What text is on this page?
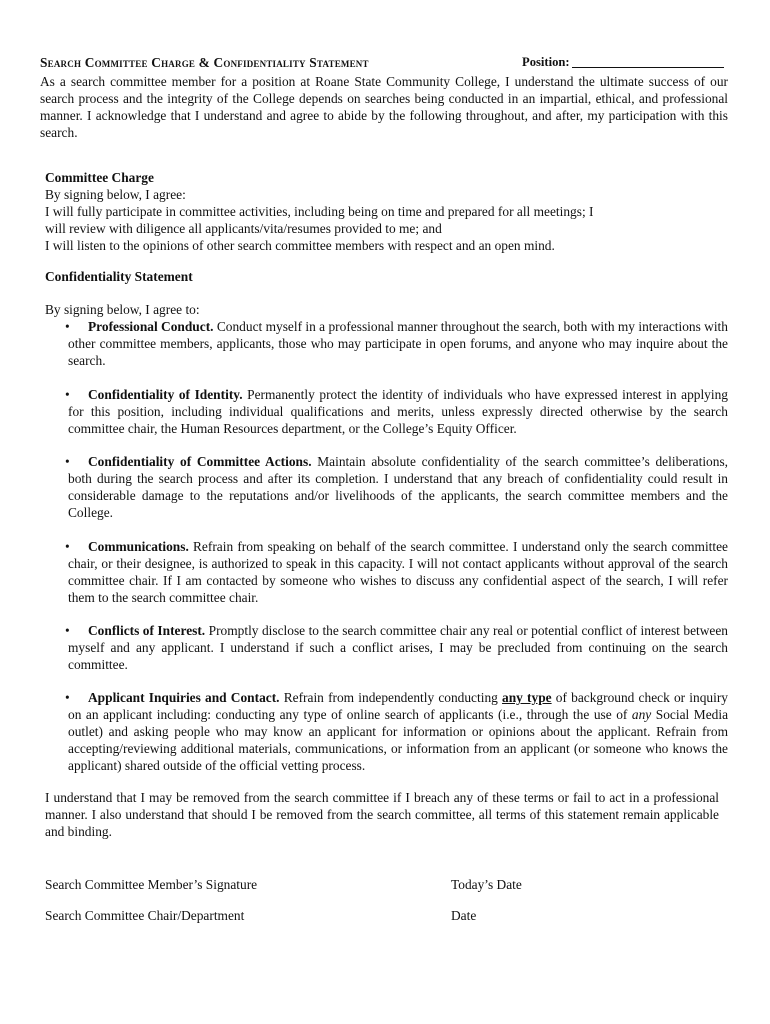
Search Committee Charge & Confidentiality Statement	Position:

As a search committee member for a position at Roane State Community College, I understand the ultimate success of our search process and the integrity of the College depends on searches being conducted in an impartial, ethical, and professional manner. I acknowledge that I understand and agree to abide by the following throughout, and after, my participation with this search.

Committee Charge

By signing below, I agree:

I will fully participate in committee activities, including being on time and prepared for all meetings; I

will review with diligence all applicants/vita/resumes provided to me; and

I will listen to the opinions of other search committee members with respect and an open mind.

Confidentiality Statement

By signing below, I agree to:

•	Professional Conduct. Conduct myself in a professional manner throughout the search, both with my interactions with other committee members, applicants, those who may participate in open forums, and anyone who may inquire about the search.

•	Confidentiality of Identity. Permanently protect the identity of individuals who have expressed interest in applying for this position, including individual qualifications and merits, unless expressly directed otherwise by the search committee chair, the Human Resources department, or the College’s Equity Officer.

•	Confidentiality of Committee Actions. Maintain absolute confidentiality of the search committee’s deliberations, both during the search process and after its completion. I understand that any breach of confidentiality could result in considerable damage to the reputations and/or livelihoods of the applicants, the search committee members and the College.

•	Communications. Refrain from speaking on behalf of the search committee. I understand only the search committee chair, or their designee, is authorized to speak in this capacity. I will not contact applicants without approval of the search committee chair. If I am contacted by someone who wishes to discuss any confidential aspect of the search, I will refer them to the search committee chair.

•	Conflicts of Interest. Promptly disclose to the search committee chair any real or potential conflict of interest between myself and any applicant. I understand if such a conflict arises, I may be precluded from continuing on the search committee.

•	Applicant Inquiries and Contact. Refrain from independently conducting any type of background check or inquiry on an applicant including: conducting any type of online search of applicants (i.e., through the use of any Social Media outlet) and asking people who may know an applicant for information or opinions about the applicant. Refrain from accepting/reviewing additional materials, communications, or information from an applicant (or someone who knows the applicant) shared outside of the official vetting process.

I understand that I may be removed from the search committee if I breach any of these terms or fail to act in a professional manner. I also understand that should I be removed from the search committee, all terms of this statement remain applicable and binding.

Search Committee Member’s Signature	Today’s Date
Search Committee Chair/Department	Date
